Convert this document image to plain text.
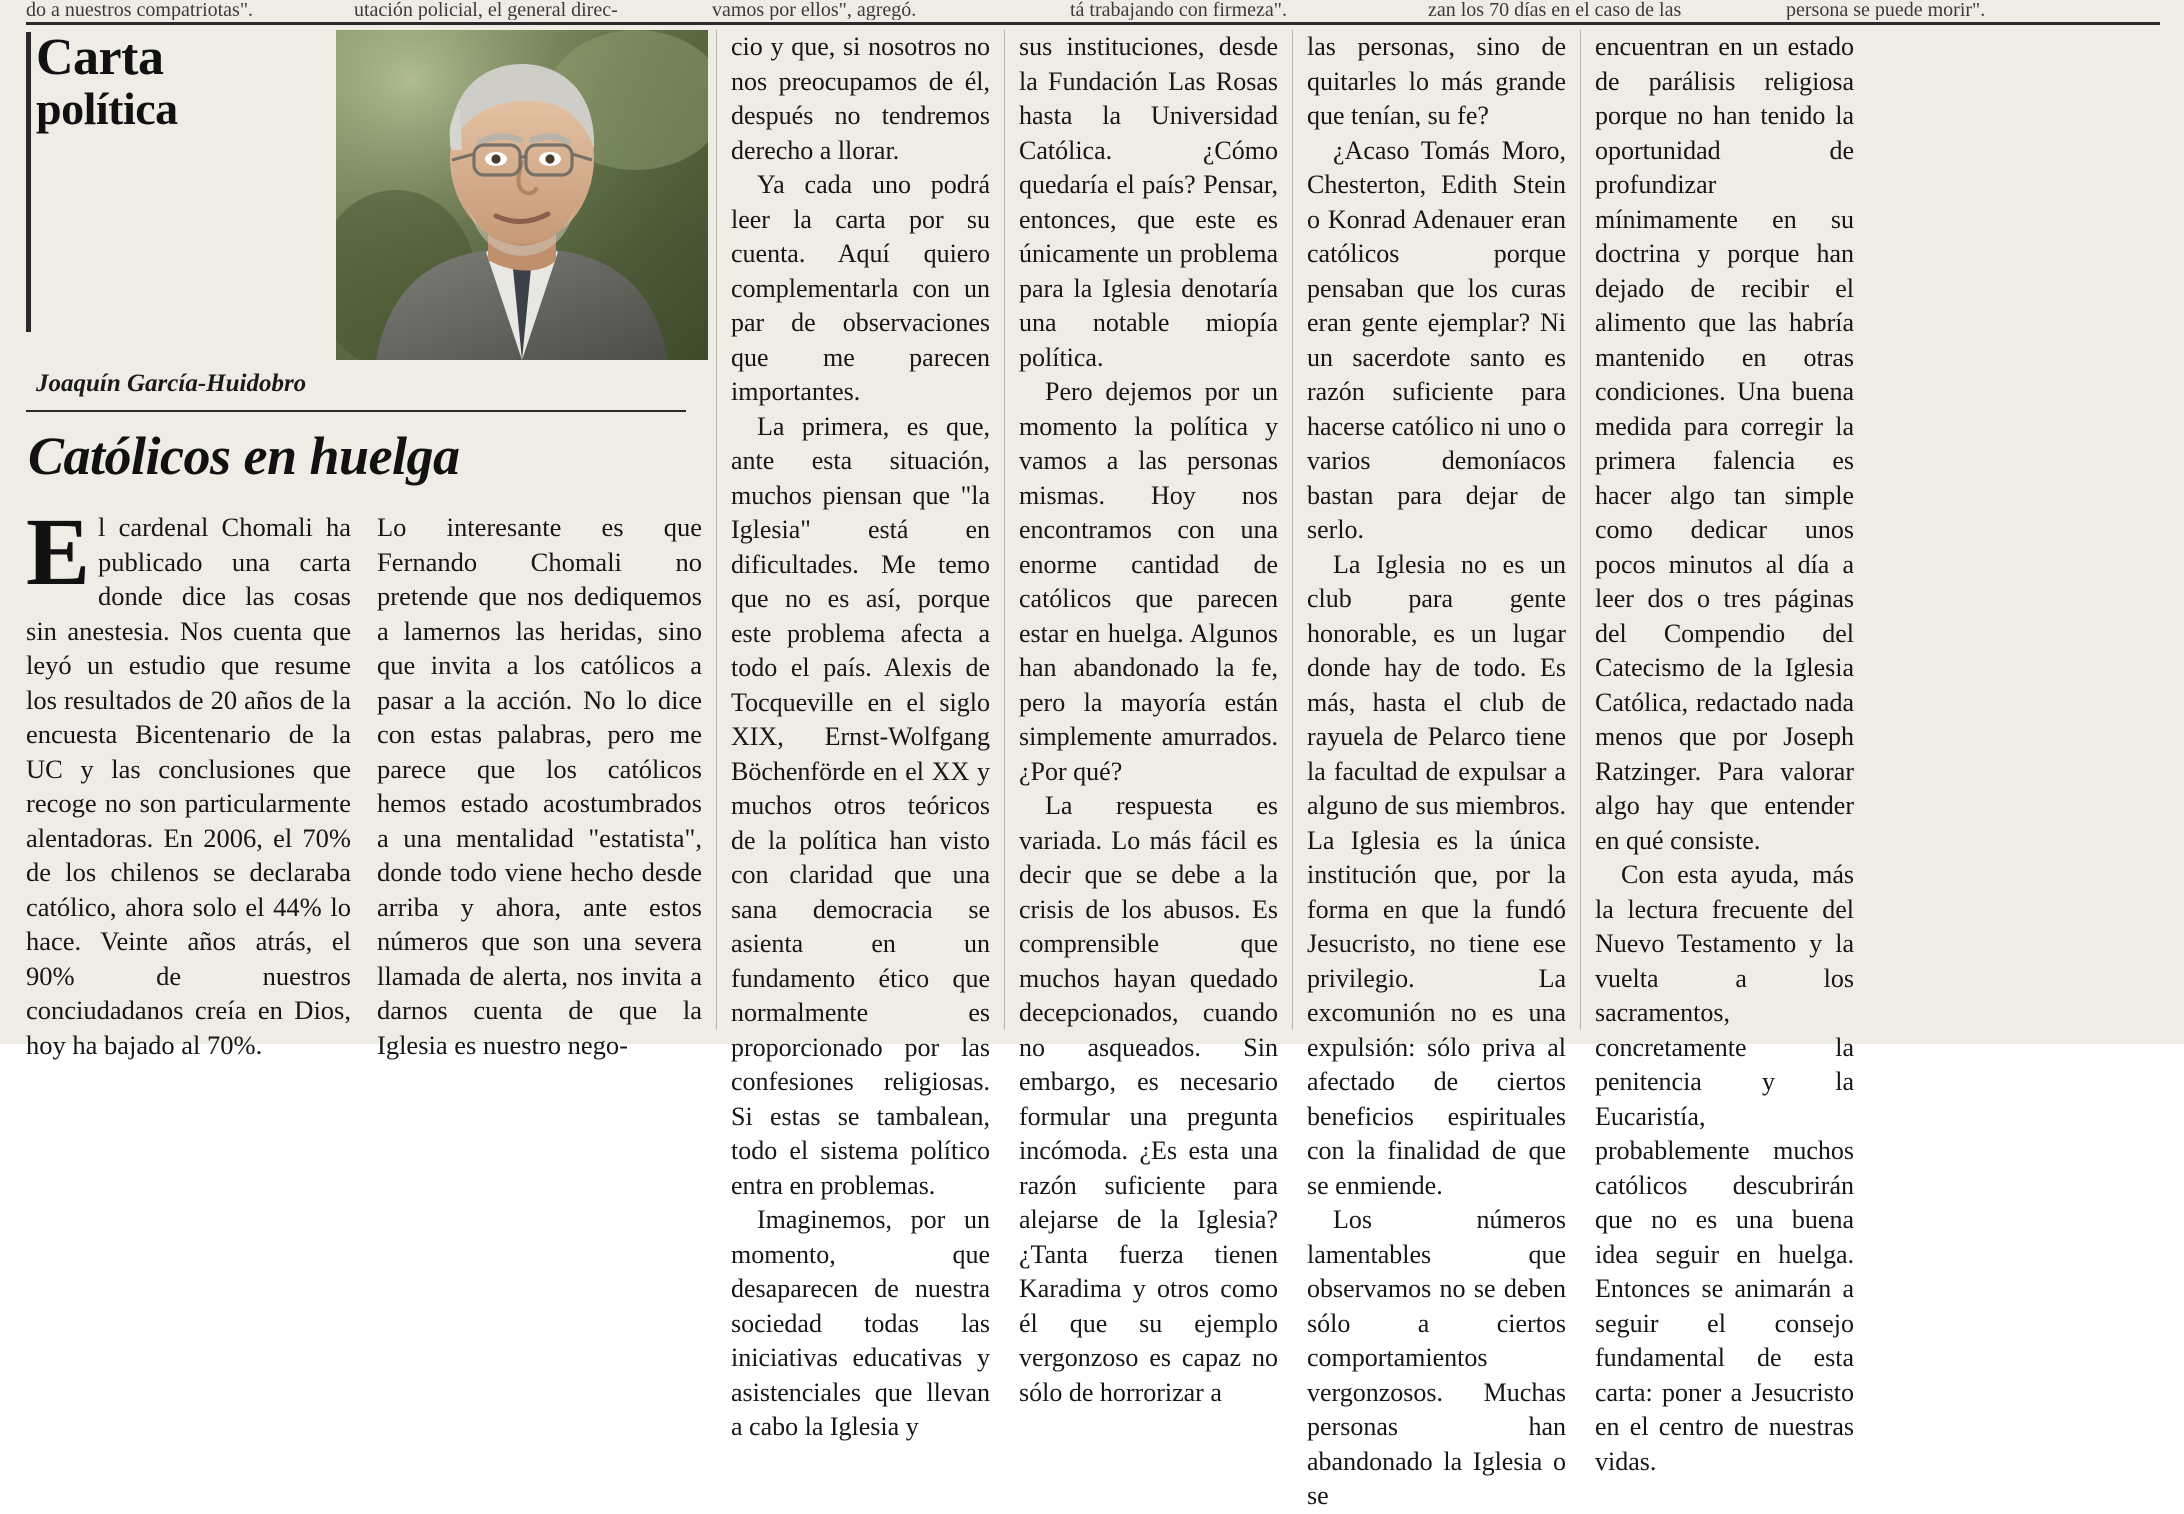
do a nuestros compatriotas".	utación policial, el general direc-	vamos por ellos", agregó.	tá trabajando con firmeza".	zan los 70 días en el caso de las	persona se puede morir".
Carta
política
Joaquín García-Huidobro
Católicos en huelga

El cardenal Chomali ha publicado una carta donde dice las cosas sin anestesia. Nos cuenta que leyó un estudio que resume los resultados de 20 años de la encuesta Bicentenario de la UC y las conclusiones que recoge no son particularmente alentadoras. En 2006, el 70% de los chilenos se declaraba católico, ahora solo el 44% lo hace. Veinte años atrás, el 90% de nuestros conciudadanos creía en Dios, hoy ha bajado al 70%.

Lo interesante es que Fernando Chomali no pretende que nos dediquemos a lamernos las heridas, sino que invita a los católicos a pasar a la acción. No lo dice con estas palabras, pero me parece que los católicos hemos estado acostumbrados a una mentalidad "estatista", donde todo viene hecho desde arriba y ahora, ante estos números que son una severa llamada de alerta, nos invita a darnos cuenta de que la Iglesia es nuestro nego-

cio y que, si nosotros no nos preocupamos de él, después no tendremos derecho a llorar.

Ya cada uno podrá leer la carta por su cuenta. Aquí quiero complementarla con un par de observaciones que me parecen importantes.

La primera, es que, ante esta situación, muchos piensan que "la Iglesia" está en dificultades. Me temo que no es así, porque este problema afecta a todo el país. Alexis de Tocqueville en el siglo XIX, Ernst-Wolfgang Böchenförde en el XX y muchos otros teóricos de la política han visto con claridad que una sana democracia se asienta en un fundamento ético que normalmente es proporcionado por las confesiones religiosas. Si estas se tambalean, todo el sistema político entra en problemas.

Imaginemos, por un momento, que desaparecen de nuestra sociedad todas las iniciativas educativas y asistenciales que llevan a cabo la Iglesia y

sus instituciones, desde la Fundación Las Rosas hasta la Universidad Católica. ¿Cómo quedaría el país? Pensar, entonces, que este es únicamente un problema para la Iglesia denotaría una notable miopía política.

Pero dejemos por un momento la política y vamos a las personas mismas. Hoy nos encontramos con una enorme cantidad de católicos que parecen estar en huelga. Algunos han abandonado la fe, pero la mayoría están simplemente amurrados. ¿Por qué?

La respuesta es variada. Lo más fácil es decir que se debe a la crisis de los abusos. Es comprensible que muchos hayan quedado decepcionados, cuando no asqueados. Sin embargo, es necesario formular una pregunta incómoda. ¿Es esta una razón suficiente para alejarse de la Iglesia? ¿Tanta fuerza tienen Karadima y otros como él que su ejemplo vergonzoso es capaz no sólo de horrorizar a

las personas, sino de quitarles lo más grande que tenían, su fe?

¿Acaso Tomás Moro, Chesterton, Edith Stein o Konrad Adenauer eran católicos porque pensaban que los curas eran gente ejemplar? Ni un sacerdote santo es razón suficiente para hacerse católico ni uno o varios demoníacos bastan para dejar de serlo.

La Iglesia no es un club para gente honorable, es un lugar donde hay de todo. Es más, hasta el club de rayuela de Pelarco tiene la facultad de expulsar a alguno de sus miembros. La Iglesia es la única institución que, por la forma en que la fundó Jesucristo, no tiene ese privilegio. La excomunión no es una expulsión: sólo priva al afectado de ciertos beneficios espirituales con la finalidad de que se enmiende.

Los números lamentables que observamos no se deben sólo a ciertos comportamientos vergonzosos. Muchas personas han abandonado la Iglesia o se

encuentran en un estado de parálisis religiosa porque no han tenido la oportunidad de profundizar mínimamente en su doctrina y porque han dejado de recibir el alimento que las habría mantenido en otras condiciones. Una buena medida para corregir la primera falencia es hacer algo tan simple como dedicar unos pocos minutos al día a leer dos o tres páginas del Compendio del Catecismo de la Iglesia Católica, redactado nada menos que por Joseph Ratzinger. Para valorar algo hay que entender en qué consiste.

Con esta ayuda, más la lectura frecuente del Nuevo Testamento y la vuelta a los sacramentos, concretamente la penitencia y la Eucaristía, probablemente muchos católicos descubrirán que no es una buena idea seguir en huelga. Entonces se animarán a seguir el consejo fundamental de esta carta: poner a Jesucristo en el centro de nuestras vidas.
